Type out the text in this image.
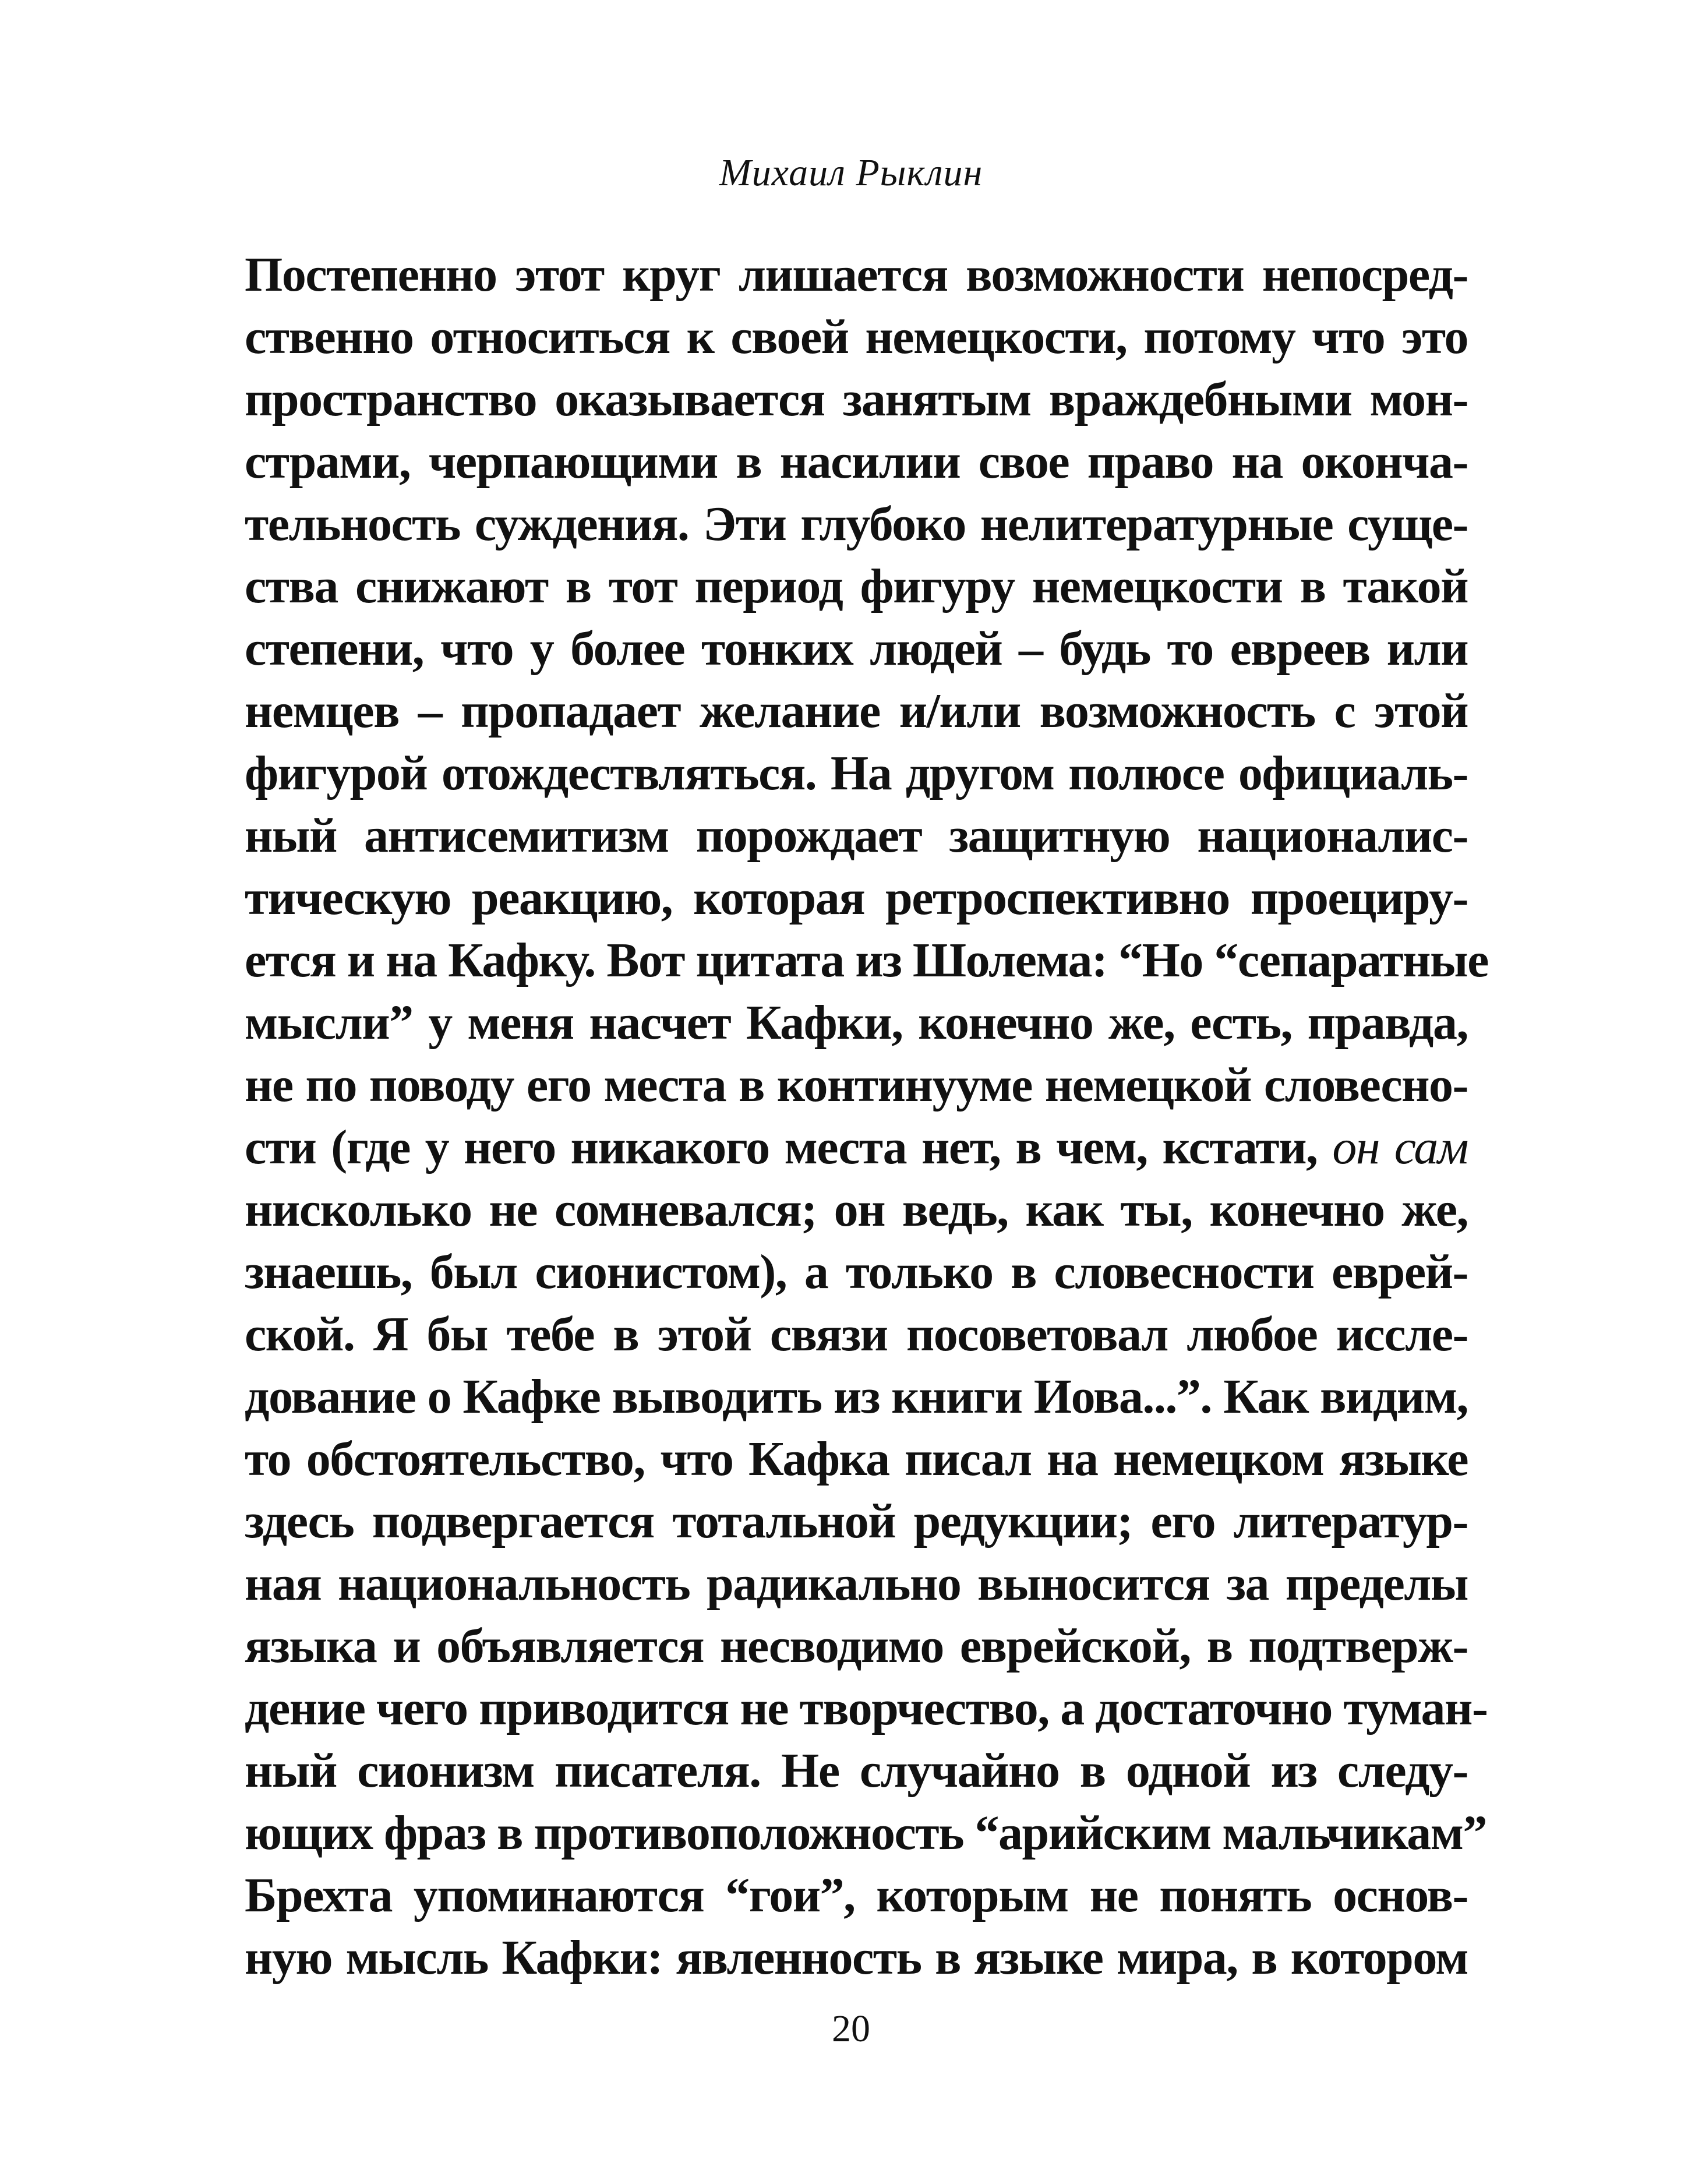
Михаил Рыклин
Постепенно этот круг лишается возможности непосред-
ственно относиться к своей немецкости, потому что это
пространство оказывается занятым враждебными мон-
страми, черпающими в насилии свое право на оконча-
тельность суждения. Эти глубоко нелитературные суще-
ства снижают в тот период фигуру немецкости в такой
степени, что у более тонких людей – будь то евреев или
немцев – пропадает желание и/или возможность с этой
фигурой отождествляться. На другом полюсе официаль-
ный антисемитизм порождает защитную националис-
тическую реакцию, которая ретроспективно проециру-
ется и на Кафку. Вот цитата из Шолема: “Но “сепаратные
мысли” у меня насчет Кафки, конечно же, есть, правда,
не по поводу его места в континууме немецкой словесно-
сти (где у него никакого места нет, в чем, кстати, он сам
нисколько не сомневался; он ведь, как ты, конечно же,
знаешь, был сионистом), а только в словесности еврей-
ской. Я бы тебе в этой связи посоветовал любое иссле-
дование о Кафке выводить из книги Иова...”. Как видим,
то обстоятельство, что Кафка писал на немецком языке
здесь подвергается тотальной редукции; его литератур-
ная национальность радикально выносится за пределы
языка и объявляется несводимо еврейской, в подтверж-
дение чего приводится не творчество, а достаточно туман-
ный сионизм писателя. Не случайно в одной из следу-
ющих фраз в противоположность “арийским мальчикам”
Брехта упоминаются “гои”, которым не понять основ-
ную мысль Кафки: явленность в языке мира, в котором
20
